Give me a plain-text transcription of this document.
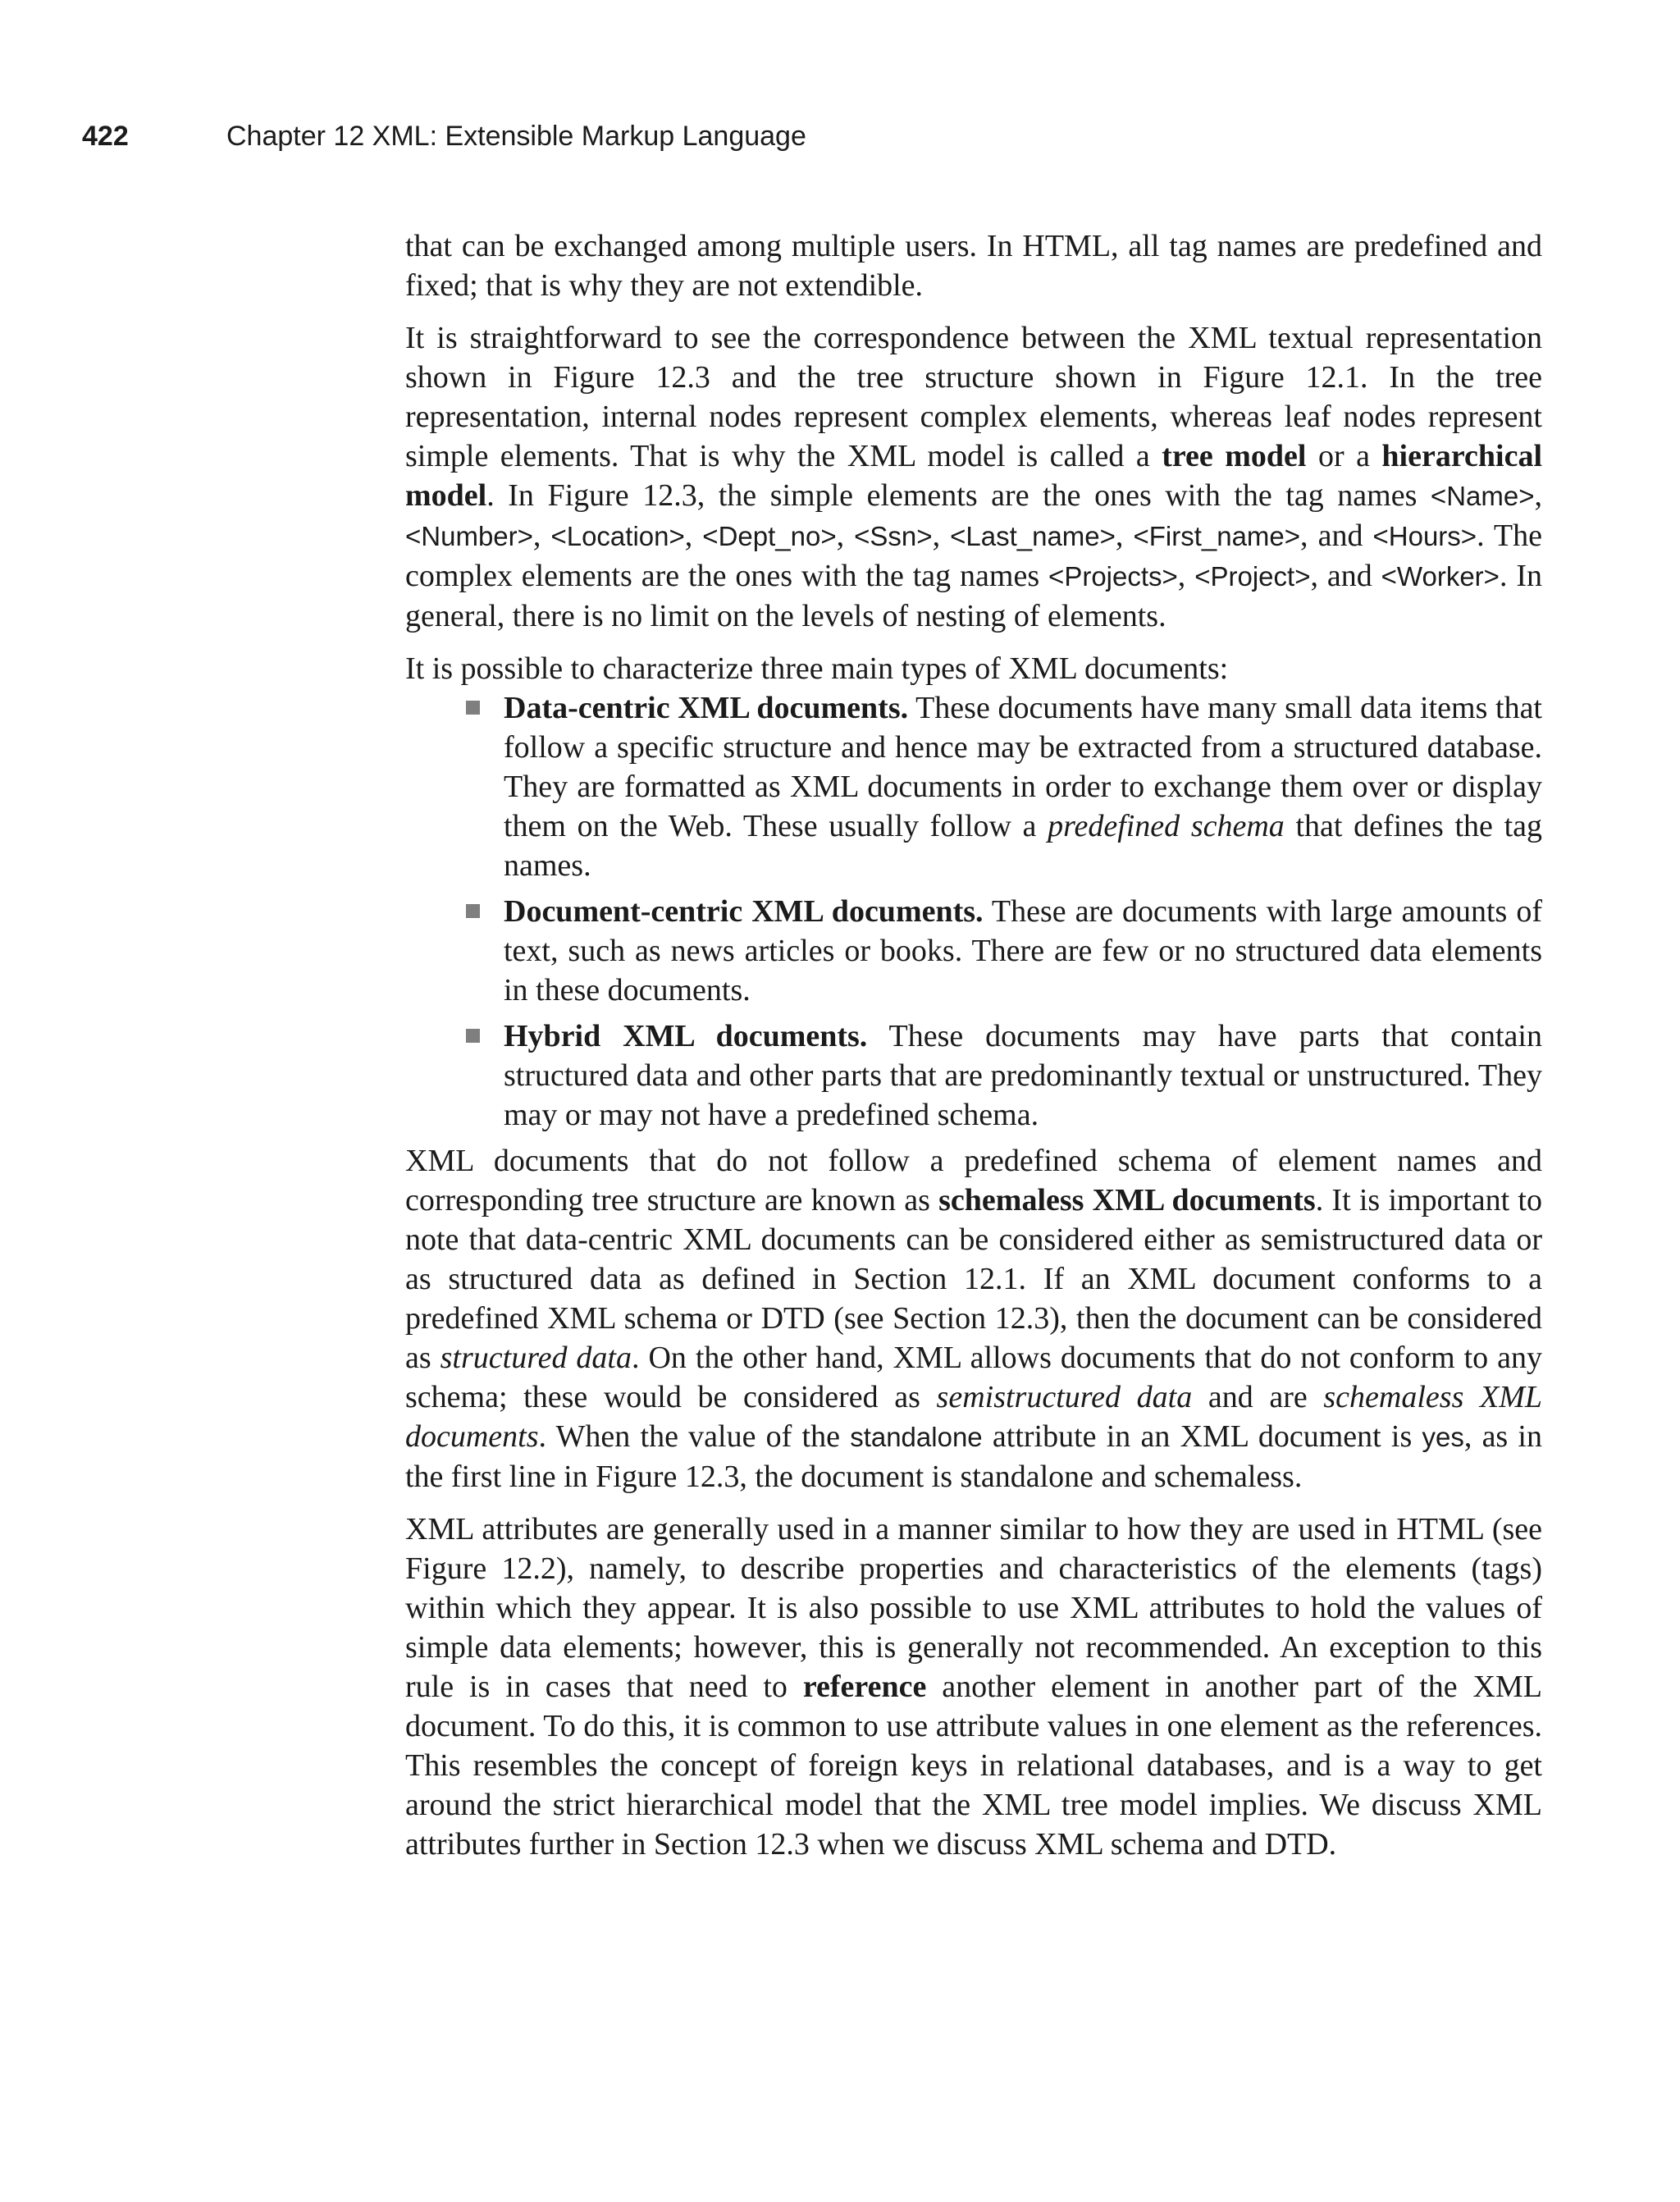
422	Chapter 12 XML: Extensible Markup Language

that can be exchanged among multiple users. In HTML, all tag names are predefined and fixed; that is why they are not extendible.

It is straightforward to see the correspondence between the XML textual representation shown in Figure 12.3 and the tree structure shown in Figure 12.1. In the tree representation, internal nodes represent complex elements, whereas leaf nodes represent simple elements. That is why the XML model is called a tree model or a hierarchical model. In Figure 12.3, the simple elements are the ones with the tag names <Name>, <Number>, <Location>, <Dept_no>, <Ssn>, <Last_name>, <First_name>, and <Hours>. The complex elements are the ones with the tag names <Projects>, <Project>, and <Worker>. In general, there is no limit on the levels of nesting of elements.

It is possible to characterize three main types of XML documents:

Data-centric XML documents. These documents have many small data items that follow a specific structure and hence may be extracted from a structured database. They are formatted as XML documents in order to exchange them over or display them on the Web. These usually follow a predefined schema that defines the tag names.
Document-centric XML documents. These are documents with large amounts of text, such as news articles or books. There are few or no structured data elements in these documents.
Hybrid XML documents. These documents may have parts that contain structured data and other parts that are predominantly textual or unstructured. They may or may not have a predefined schema.

XML documents that do not follow a predefined schema of element names and corresponding tree structure are known as schemaless XML documents. It is important to note that data-centric XML documents can be considered either as semistructured data or as structured data as defined in Section 12.1. If an XML document conforms to a predefined XML schema or DTD (see Section 12.3), then the document can be considered as structured data. On the other hand, XML allows documents that do not conform to any schema; these would be considered as semistructured data and are schemaless XML documents. When the value of the standalone attribute in an XML document is yes, as in the first line in Figure 12.3, the document is standalone and schemaless.

XML attributes are generally used in a manner similar to how they are used in HTML (see Figure 12.2), namely, to describe properties and characteristics of the elements (tags) within which they appear. It is also possible to use XML attributes to hold the values of simple data elements; however, this is generally not recommended. An exception to this rule is in cases that need to reference another element in another part of the XML document. To do this, it is common to use attribute values in one element as the references. This resembles the concept of foreign keys in relational databases, and is a way to get around the strict hierarchical model that the XML tree model implies. We discuss XML attributes further in Section 12.3 when we discuss XML schema and DTD.
